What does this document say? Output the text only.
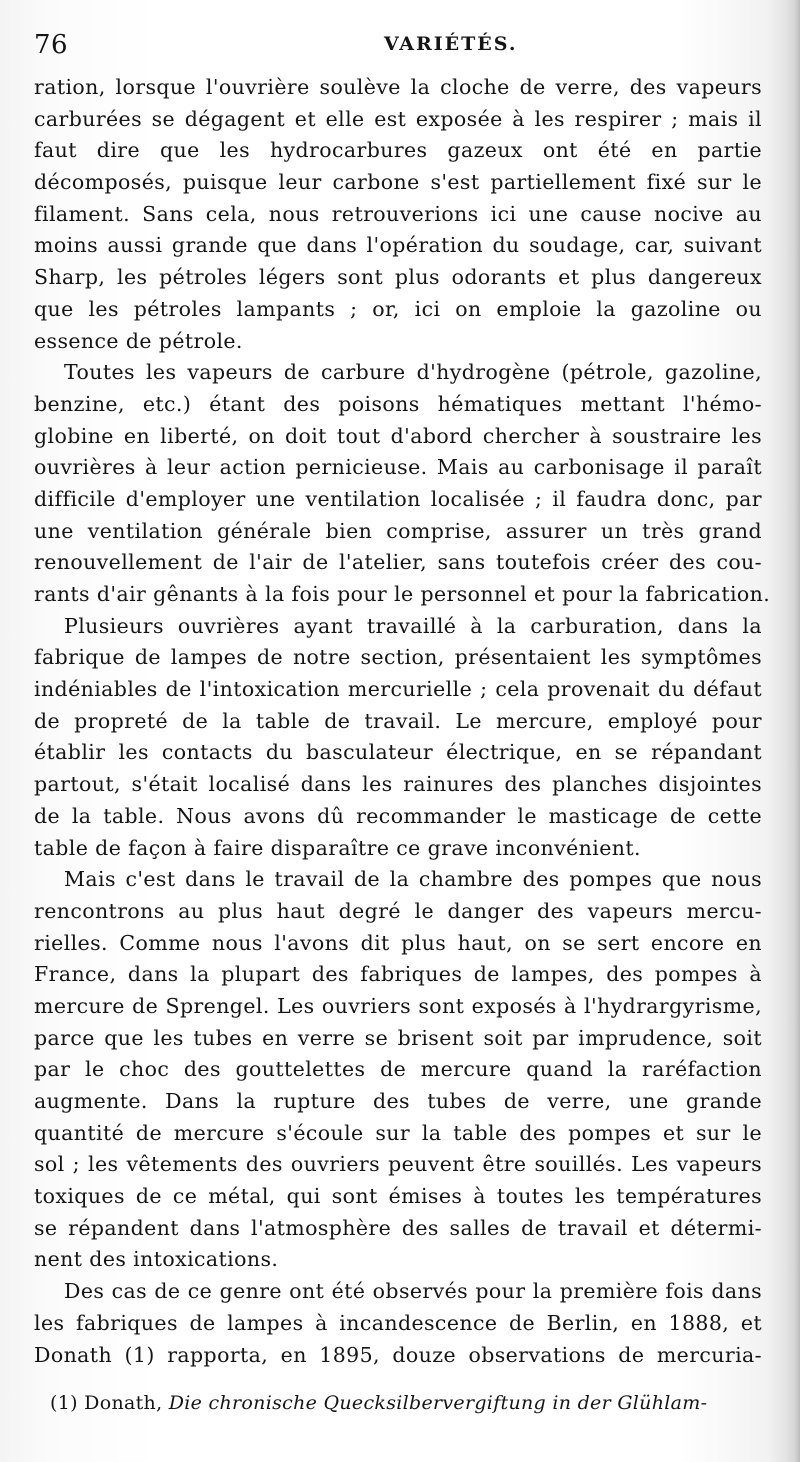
76	VARIÉTÉS.

ration, lorsque l'ouvrière soulève la cloche de verre, des vapeurs
carburées se dégagent et elle est exposée à les respirer ; mais il
faut dire que les hydrocarbures gazeux ont été en partie
décomposés, puisque leur carbone s'est partiellement fixé sur le
filament. Sans cela, nous retrouverions ici une cause nocive au
moins aussi grande que dans l'opération du soudage, car, suivant
Sharp, les pétroles légers sont plus odorants et plus dangereux
que les pétroles lampants ; or, ici on emploie la gazoline ou
essence de pétrole.

Toutes les vapeurs de carbure d'hydrogène (pétrole, gazoline,
benzine, etc.) étant des poisons hématiques mettant l'hémo-
globine en liberté, on doit tout d'abord chercher à soustraire les
ouvrières à leur action pernicieuse. Mais au carbonisage il paraît
difficile d'employer une ventilation localisée ; il faudra donc, par
une ventilation générale bien comprise, assurer un très grand
renouvellement de l'air de l'atelier, sans toutefois créer des cou-
rants d'air gênants à la fois pour le personnel et pour la fabrication.

Plusieurs ouvrières ayant travaillé à la carburation, dans la
fabrique de lampes de notre section, présentaient les symptômes
indéniables de l'intoxication mercurielle ; cela provenait du défaut
de propreté de la table de travail. Le mercure, employé pour
établir les contacts du basculateur électrique, en se répandant
partout, s'était localisé dans les rainures des planches disjointes
de la table. Nous avons dû recommander le masticage de cette
table de façon à faire disparaître ce grave inconvénient.

Mais c'est dans le travail de la chambre des pompes que nous
rencontrons au plus haut degré le danger des vapeurs mercu-
rielles. Comme nous l'avons dit plus haut, on se sert encore en
France, dans la plupart des fabriques de lampes, des pompes à
mercure de Sprengel. Les ouvriers sont exposés à l'hydrargyrisme,
parce que les tubes en verre se brisent soit par imprudence, soit
par le choc des gouttelettes de mercure quand la raréfaction
augmente. Dans la rupture des tubes de verre, une grande
quantité de mercure s'écoule sur la table des pompes et sur le
sol ; les vêtements des ouvriers peuvent être souillés. Les vapeurs
toxiques de ce métal, qui sont émises à toutes les températures
se répandent dans l'atmosphère des salles de travail et détermi-
nent des intoxications.

Des cas de ce genre ont été observés pour la première fois dans
les fabriques de lampes à incandescence de Berlin, en 1888, et
Donath (1) rapporta, en 1895, douze observations de mercuria-

(1) Donath, Die chronische Quecksilbervergiftung in der Glühlam-
